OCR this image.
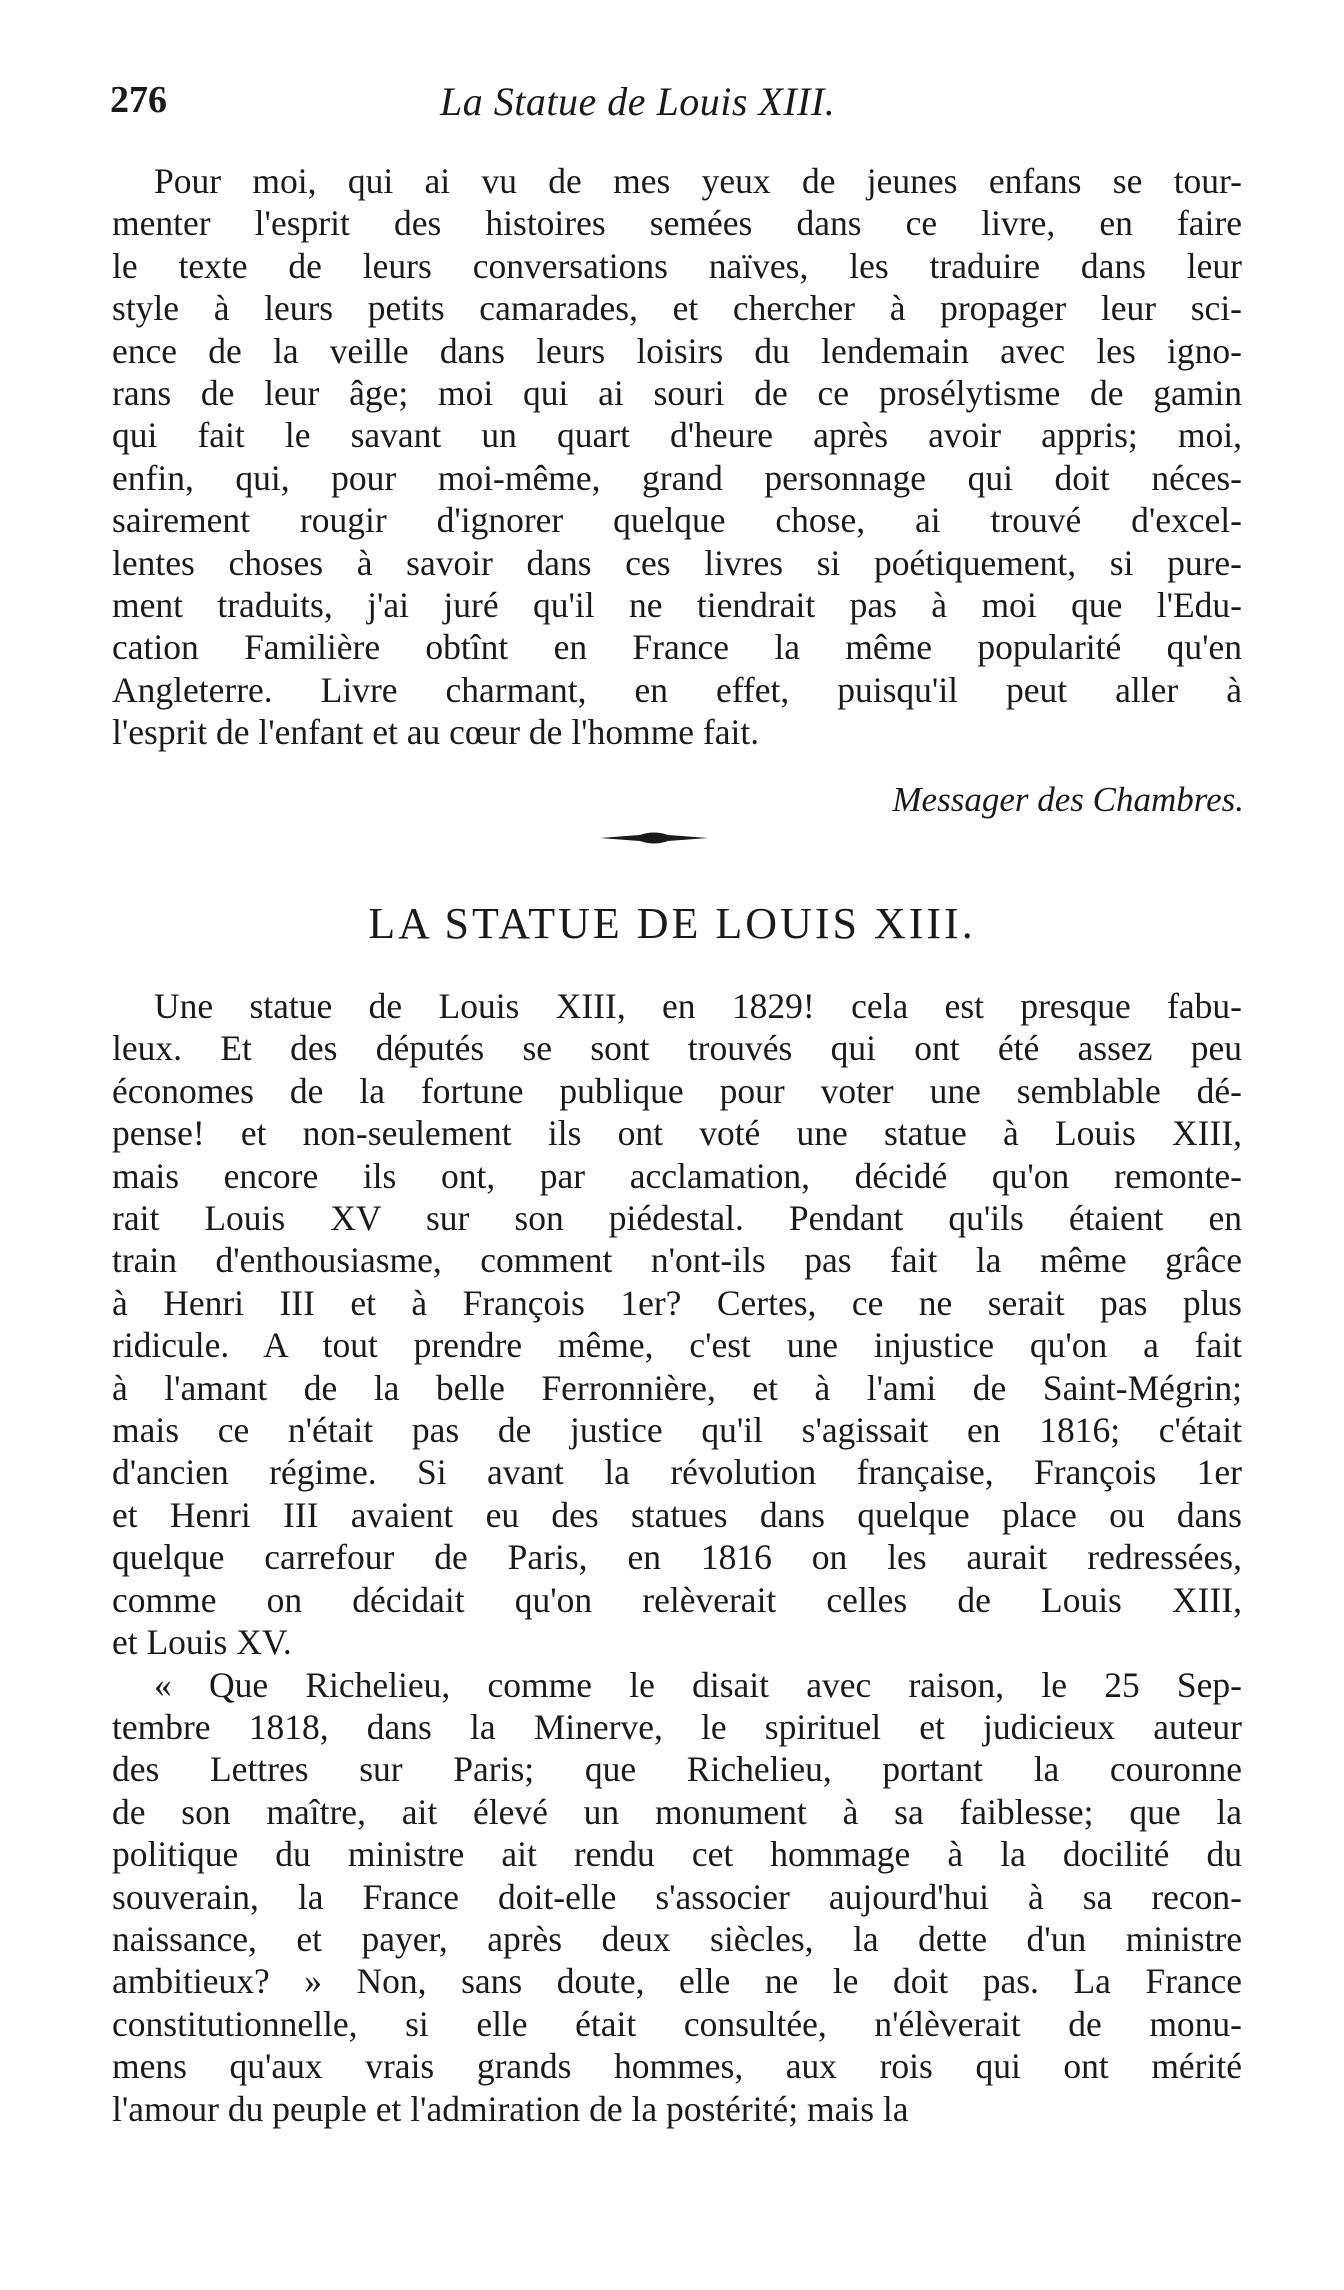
276	La Statue de Louis XIII.
Pour moi, qui ai vu de mes yeux de jeunes enfans se tour-
menter l'esprit des histoires semées dans ce livre, en faire
le texte de leurs conversations naïves, les traduire dans leur
style à leurs petits camarades, et chercher à propager leur sci-
ence de la veille dans leurs loisirs du lendemain avec les igno-
rans de leur âge; moi qui ai souri de ce prosélytisme de gamin
qui fait le savant un quart d'heure après avoir appris; moi,
enfin, qui, pour moi-même, grand personnage qui doit néces-
sairement rougir d'ignorer quelque chose, ai trouvé d'excel-
lentes choses à savoir dans ces livres si poétiquement, si pure-
ment traduits, j'ai juré qu'il ne tiendrait pas à moi que l'Edu-
cation Familière obtînt en France la même popularité qu'en
Angleterre. Livre charmant, en effet, puisqu'il peut aller à
l'esprit de l'enfant et au cœur de l'homme fait.
Messager des Chambres.
LA STATUE DE LOUIS XIII.
Une statue de Louis XIII, en 1829! cela est presque fabu-
leux. Et des députés se sont trouvés qui ont été assez peu
économes de la fortune publique pour voter une semblable dé-
pense! et non-seulement ils ont voté une statue à Louis XIII,
mais encore ils ont, par acclamation, décidé qu'on remonte-
rait Louis XV sur son piédestal. Pendant qu'ils étaient en
train d'enthousiasme, comment n'ont-ils pas fait la même grâce
à Henri III et à François 1er? Certes, ce ne serait pas plus
ridicule. A tout prendre même, c'est une injustice qu'on a fait
à l'amant de la belle Ferronnière, et à l'ami de Saint-Mégrin;
mais ce n'était pas de justice qu'il s'agissait en 1816; c'était
d'ancien régime. Si avant la révolution française, François 1er
et Henri III avaient eu des statues dans quelque place ou dans
quelque carrefour de Paris, en 1816 on les aurait redressées,
comme on décidait qu'on relèverait celles de Louis XIII,
et Louis XV.
« Que Richelieu, comme le disait avec raison, le 25 Sep-
tembre 1818, dans la Minerve, le spirituel et judicieux auteur
des Lettres sur Paris; que Richelieu, portant la couronne
de son maître, ait élevé un monument à sa faiblesse; que la
politique du ministre ait rendu cet hommage à la docilité du
souverain, la France doit-elle s'associer aujourd'hui à sa recon-
naissance, et payer, après deux siècles, la dette d'un ministre
ambitieux? » Non, sans doute, elle ne le doit pas. La France
constitutionnelle, si elle était consultée, n'élèverait de monu-
mens qu'aux vrais grands hommes, aux rois qui ont mérité
l'amour du peuple et l'admiration de la postérité; mais la
